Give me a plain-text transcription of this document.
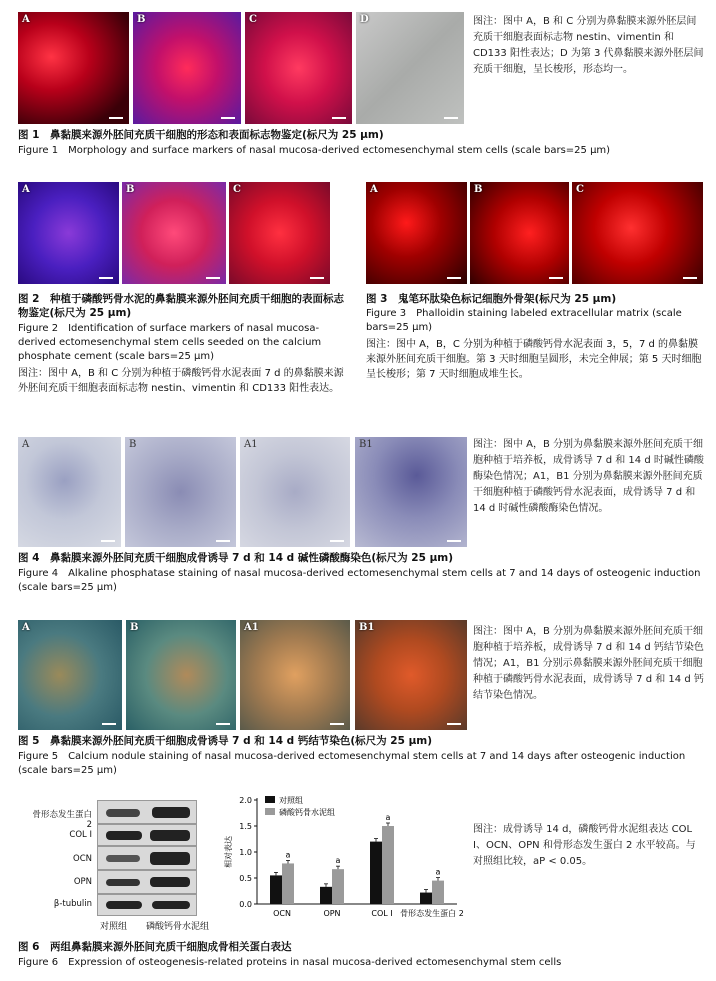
A	B	C	D	图注：图中 A，B 和 C 分别为鼻黏膜来源外胚层间充质干细胞表面标志物 nestin、vimentin 和 CD133 阳性表达；D 为第 3 代鼻黏膜来源外胚层间充质干细胞，呈长梭形，形态均一。
图 1　鼻黏膜来源外胚间充质干细胞的形态和表面标志物鉴定(标尺为 25 μm)
Figure 1　Morphology and surface markers of nasal mucosa-derived ectomesenchymal stem cells (scale bars=25 μm)
A	B	C
图 2　种植于磷酸钙骨水泥的鼻黏膜来源外胚间充质干细胞的表面标志物鉴定(标尺为 25 μm)
Figure 2　Identification of surface markers of nasal mucosa-derived ectomesenchymal stem cells seeded on the calcium phosphate cement (scale bars=25 μm)
图注：图中 A，B 和 C 分别为种植于磷酸钙骨水泥表面 7 d 的鼻黏膜来源外胚间充质干细胞表面标志物 nestin、vimentin 和 CD133 阳性表达。
A	B	C
图 3　鬼笔环肽染色标记细胞外骨架(标尺为 25 μm)
Figure 3　Phalloidin staining labeled extracellular matrix (scale bars=25 μm)
图注：图中 A，B，C 分别为种植于磷酸钙骨水泥表面 3，5，7 d 的鼻黏膜来源外胚间充质干细胞。第 3 天时细胞呈圆形，未完全伸展；第 5 天时细胞呈长梭形；第 7 天时细胞成堆生长。
A	B	A1	B1	图注：图中 A，B 分别为鼻黏膜来源外胚间充质干细胞种植于培养板，成骨诱导 7 d 和 14 d 时碱性磷酸酶染色情况；A1，B1 分别为鼻黏膜来源外胚间充质干细胞种植于磷酸钙骨水泥表面，成骨诱导 7 d 和 14 d 时碱性磷酸酶染色情况。
图 4　鼻黏膜来源外胚间充质干细胞成骨诱导 7 d 和 14 d 碱性磷酸酶染色(标尺为 25 μm)
Figure 4　Alkaline phosphatase staining of nasal mucosa-derived ectomesenchymal stem cells at 7 and 14 days of osteogenic induction (scale bars=25 μm)
A	B	A1	B1	图注：图中 A，B 分别为鼻黏膜来源外胚间充质干细胞种植于培养板，成骨诱导 7 d 和 14 d 钙结节染色情况；A1，B1 分别示鼻黏膜来源外胚间充质干细胞种植于磷酸钙骨水泥表面，成骨诱导 7 d 和 14 d 钙结节染色情况。
图 5　鼻黏膜来源外胚间充质干细胞成骨诱导 7 d 和 14 d 钙结节染色(标尺为 25 μm)
Figure 5　Calcium nodule staining of nasal mucosa-derived ectomesenchymal stem cells at 7 and 14 days after osteogenic induction (scale bars=25 μm)
骨形态发生蛋白 2
COL Ⅰ
OCN
OPN
β-tubulin
对照组 磷酸钙骨水泥组
0.0
0.5
1.0
1.5
2.0
相对表达	a
OCN
a
OPN
a
COL Ⅰ
a
骨形态发生蛋白 2
对照组
磷酸钙骨水泥组
图注：成骨诱导 14 d，磷酸钙骨水泥组表达 COL Ⅰ、OCN、OPN 和骨形态发生蛋白 2 水平较高。与对照组比较，aP < 0.05。
图 6　两组鼻黏膜来源外胚间充质干细胞成骨相关蛋白表达
Figure 6　Expression of osteogenesis-related proteins in nasal mucosa-derived ectomesenchymal stem cells
